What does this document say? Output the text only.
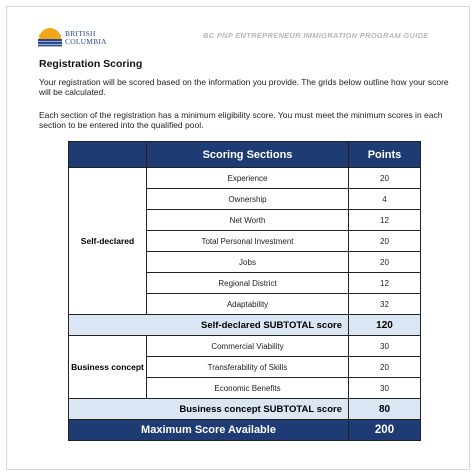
BRITISH
COLUMBIA
BC PNP ENTREPRENEUR IMMIGRATION PROGRAM GUIDE
Registration Scoring
Your registration will be scored based on the information you provide. The grids below outline how your score will be calculated.
Each section of the registration has a minimum eligibility score. You must meet the minimum scores in each section to be entered into the qualified pool.
	Scoring Sections	Points
Self-declared	Experience	20
	Ownership	4
	Net Worth	12
	Total Personal Investment	20
	Jobs	20
	Regional District	12
	Adaptability	32
Self-declared SUBTOTAL score		120
Business concept	Commercial Viability	30
	Transferability of Skills	20
	Economic Benefits	30
Business concept SUBTOTAL score		80
Maximum Score Available		200
